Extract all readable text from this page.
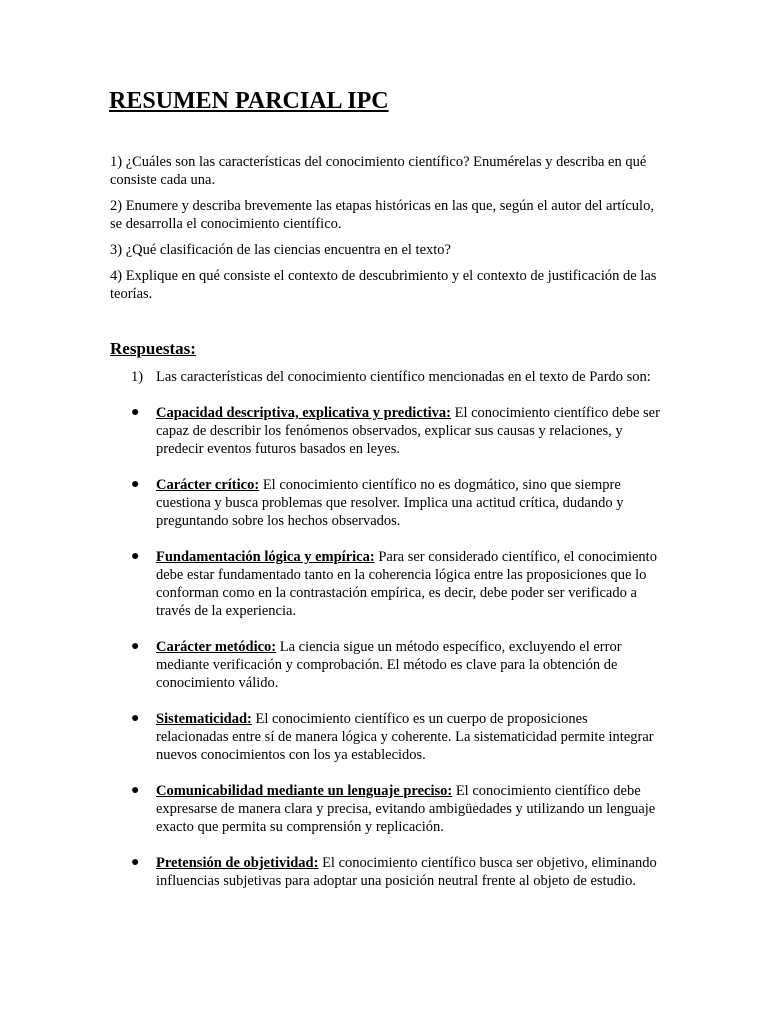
RESUMEN PARCIAL IPC

1) ¿Cuáles son las características del conocimiento científico? Enumérelas y describa en qué consiste cada una.

2) Enumere y describa brevemente las etapas históricas en las que, según el autor del artículo, se desarrolla el conocimiento científico.

3) ¿Qué clasificación de las ciencias encuentra en el texto?

4) Explique en qué consiste el contexto de descubrimiento y el contexto de justificación de las teorías.

Respuestas:
1) Las características del conocimiento científico mencionadas en el texto de Pardo son:
● Capacidad descriptiva, explicativa y predictiva: El conocimiento científico debe ser capaz de describir los fenómenos observados, explicar sus causas y relaciones, y predecir eventos futuros basados en leyes.
● Carácter crítico: El conocimiento científico no es dogmático, sino que siempre cuestiona y busca problemas que resolver. Implica una actitud crítica, dudando y preguntando sobre los hechos observados.
● Fundamentación lógica y empírica: Para ser considerado científico, el conocimiento debe estar fundamentado tanto en la coherencia lógica entre las proposiciones que lo conforman como en la contrastación empírica, es decir, debe poder ser verificado a través de la experiencia.
● Carácter metódico: La ciencia sigue un método específico, excluyendo el error mediante verificación y comprobación. El método es clave para la obtención de conocimiento válido.
● Sistematicidad: El conocimiento científico es un cuerpo de proposiciones relacionadas entre sí de manera lógica y coherente. La sistematicidad permite integrar nuevos conocimientos con los ya establecidos.
● Comunicabilidad mediante un lenguaje preciso: El conocimiento científico debe expresarse de manera clara y precisa, evitando ambigüedades y utilizando un lenguaje exacto que permita su comprensión y replicación.
● Pretensión de objetividad: El conocimiento científico busca ser objetivo, eliminando influencias subjetivas para adoptar una posición neutral frente al objeto de estudio.
